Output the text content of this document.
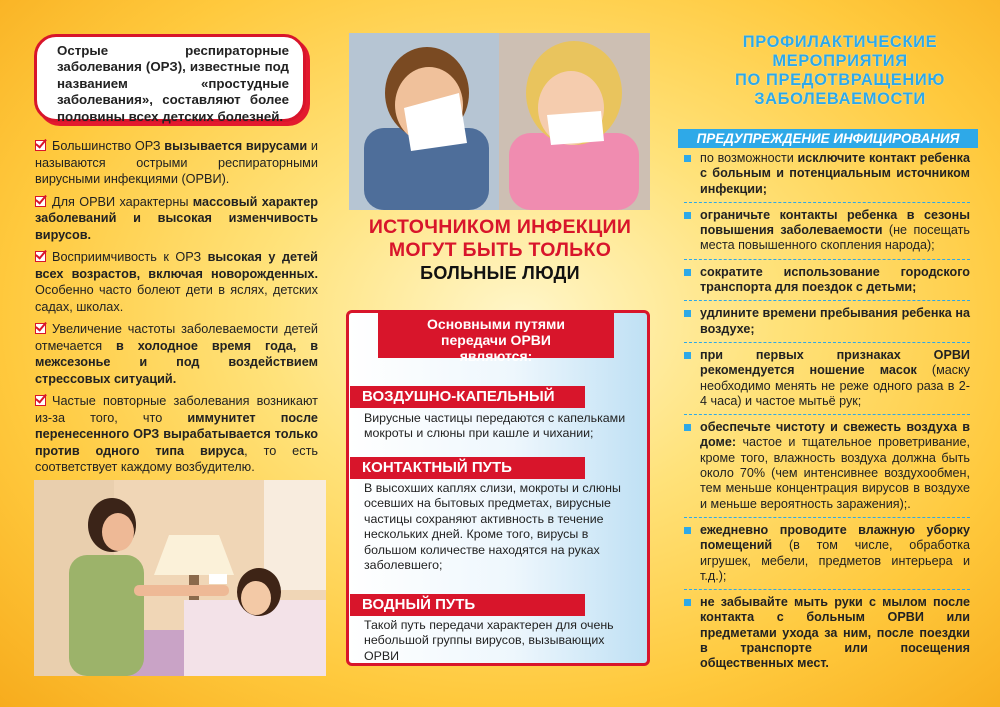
Острые респираторные заболевания (ОРЗ), известные под названием «простудные заболевания», составляют более половины всех детских болезней.
Большинство ОРЗ вызывается вирусами и называются острыми респираторными вирусными инфекциями (ОРВИ).
Для ОРВИ характерны массовый характер заболеваний и высокая изменчивость вирусов.
Восприимчивость к ОРЗ высокая у детей всех возрастов, включая новорожденных. Особенно часто болеют дети в яслях, детских садах, школах.
Увеличение частоты заболеваемости детей отмечается в холодное время года, в межсезонье и под воздействием стрессовых ситуаций.
Частые повторные заболевания возникают из-за того, что иммунитет после перенесенного ОРЗ вырабатывается только против одного типа вируса, то есть соответствует каждому возбудителю.
ИСТОЧНИКОМ ИНФЕКЦИИ
МОГУТ БЫТЬ ТОЛЬКО
БОЛЬНЫЕ ЛЮДИ
Основными путями
передачи ОРВИ
являются:
ВОЗДУШНО-КАПЕЛЬНЫЙ
Вирусные частицы передаются с капельками мокроты и слюны при кашле и чихании;
КОНТАКТНЫЙ ПУТЬ
В высохших каплях слизи, мокроты и слюны осевших на бытовых предметах, вирусные частицы сохраняют активность в течение нескольких дней. Кроме того, вирусы в большом количестве находятся на руках заболевшего;
ВОДНЫЙ ПУТЬ
Такой путь передачи характерен для очень небольшой группы вирусов, вызывающих ОРВИ
ПРОФИЛАКТИЧЕСКИЕ
МЕРОПРИЯТИЯ
ПО ПРЕДОТВРАЩЕНИЮ
ЗАБОЛЕВАЕМОСТИ
ПРЕДУПРЕЖДЕНИЕ ИНФИЦИРОВАНИЯ
по возможности исключите контакт ребенка с больным и потенциальным источником инфекции;
ограничьте контакты ребенка в сезоны повышения заболеваемости (не посещать места повышенного скопления народа);
сократите использование городского транспорта для поездок с детьми;
удлините времени пребывания ребенка на воздухе;
при первых признаках ОРВИ рекомендуется ношение масок (маску необходимо менять не реже одного раза в 2-4 часа) и частое мытьё рук;
обеспечьте чистоту и свежесть воздуха в доме: частое и тщательное проветривание, кроме того, влажность воздуха должна быть около 70% (чем интенсивнее воздухообмен, тем меньше концентрация вирусов в воздухе и меньше вероятность заражения);.
ежедневно проводите влажную уборку помещений (в том числе, обработка игрушек, мебели, предметов интерьера и т.д.);
не забывайте мыть руки с мылом после контакта с больным ОРВИ или предметами ухода за ним, после поездки в транспорте или посещения общественных мест.
